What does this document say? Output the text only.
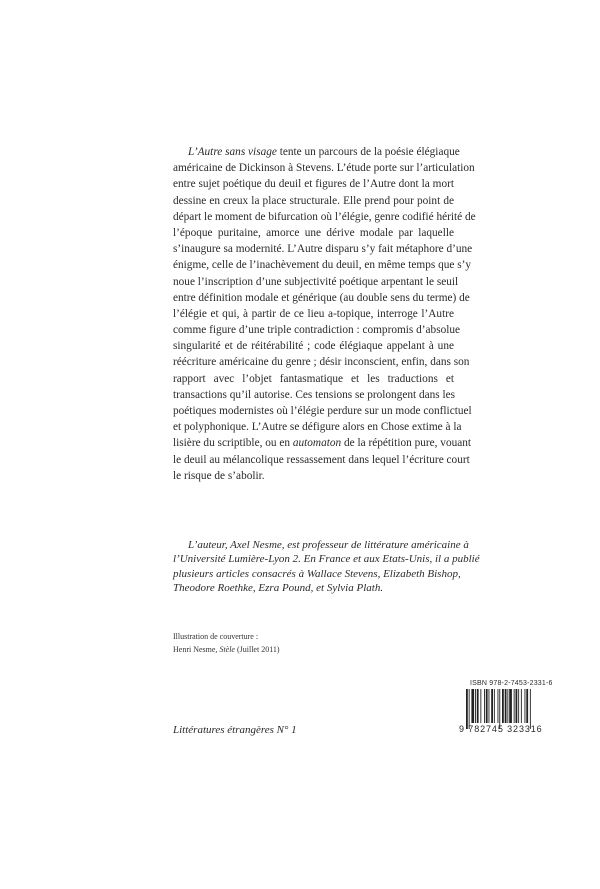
L’Autre sans visage tente un parcours de la poésie élégiaque
américaine de Dickinson à Stevens. L’étude porte sur l’articulation
entre sujet poétique du deuil et figures de l’Autre dont la mort
dessine en creux la place structurale. Elle prend pour point de
départ le moment de bifurcation où l’élégie, genre codifié hérité de
l’époque puritaine, amorce une dérive modale par laquelle
s’inaugure sa modernité. L’Autre disparu s’y fait métaphore d’une
énigme, celle de l’inachèvement du deuil, en même temps que s’y
noue l’inscription d’une subjectivité poétique arpentant le seuil
entre définition modale et générique (au double sens du terme) de
l’élégie et qui, à partir de ce lieu a-topique, interroge l’Autre
comme figure d’une triple contradiction : compromis d’absolue
singularité et de réitérabilité ; code élégiaque appelant à une
réécriture américaine du genre ; désir inconscient, enfin, dans son
rapport avec l’objet fantasmatique et les traductions et
transactions qu’il autorise. Ces tensions se prolongent dans les
poétiques modernistes où l’élégie perdure sur un mode conflictuel
et polyphonique. L’Autre se défigure alors en Chose extime à la
lisière du scriptible, ou en automaton de la répétition pure, vouant
le deuil au mélancolique ressassement dans lequel l’écriture court
le risque de s’abolir.
L’auteur, Axel Nesme, est professeur de littérature américaine à
l’Université Lumière-Lyon 2. En France et aux Etats-Unis, il a publié
plusieurs articles consacrés à Wallace Stevens, Elizabeth Bishop,
Theodore Roethke, Ezra Pound, et Sylvia Plath.
Illustration de couverture :
Henri Nesme, Stèle (Juillet 2011)
Littératures étrangères N° 1
ISBN 978-2-7453-2331-6
9 782745 323316
